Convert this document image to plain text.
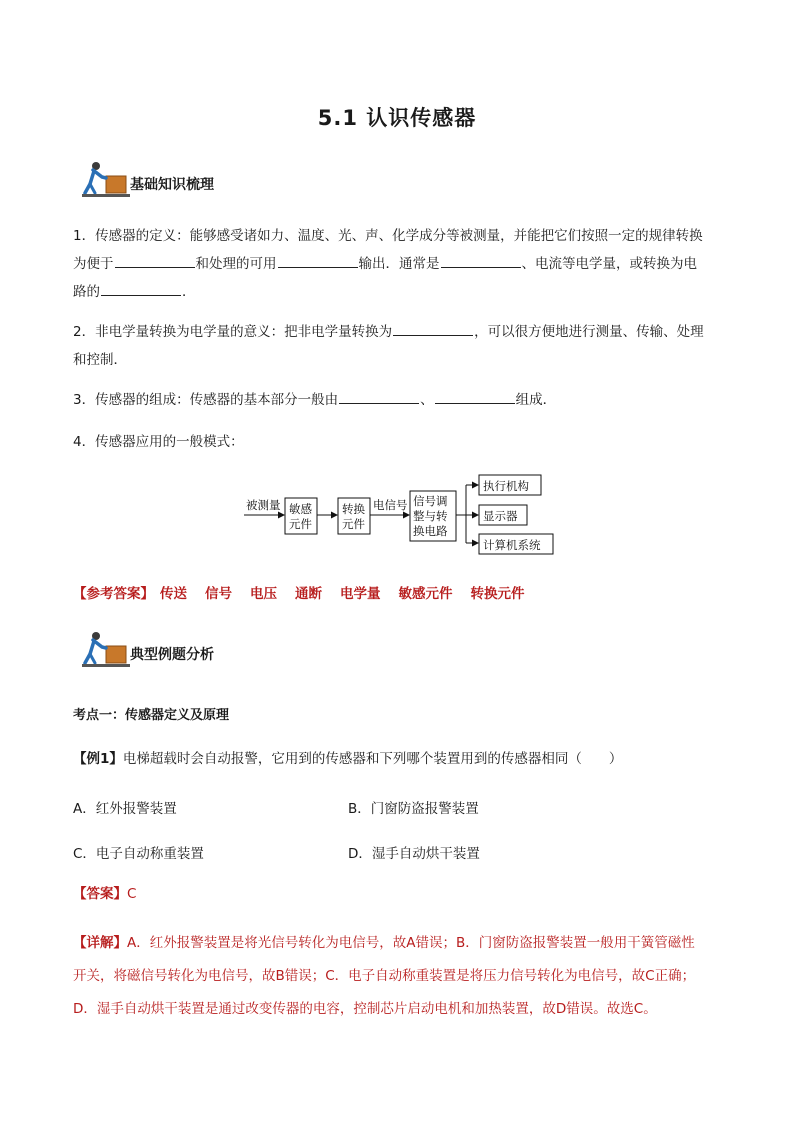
5.1 认识传感器
基础知识梳理
1．传感器的定义：能够感受诸如力、温度、光、声、化学成分等被测量，并能把它们按照一定的规律转换
为便于	和处理的可用	输出．通常是	、电流等电学量，或转换为电
路的	．
2．非电学量转换为电学量的意义：把非电学量转换为	，可以很方便地进行测量、传输、处理
和控制．
3．传感器的组成：传感器的基本部分一般由	、	组成．
4．传感器应用的一般模式：
被测量 敏感
元件
转换
元件
电信号 信号调
整与转
换电路
执行机构
显示器
计算机系统
【参考答案】 传送 信号 电压 通断 电学量 敏感元件 转换元件
典型例题分析
考点一：传感器定义及原理
【例1】电梯超载时会自动报警，它用到的传感器和下列哪个装置用到的传感器相同（　　）
A．红外报警装置	B．门窗防盗报警装置
C．电子自动称重装置	D．湿手自动烘干装置
【答案】C
【详解】A．红外报警装置是将光信号转化为电信号，故A错误；B．门窗防盗报警装置一般用干簧管磁性
开关，将磁信号转化为电信号，故B错误；C．电子自动称重装置是将压力信号转化为电信号，故C正确；
D．湿手自动烘干装置是通过改变传器的电容，控制芯片启动电机和加热装置，故D错误。故选C。
